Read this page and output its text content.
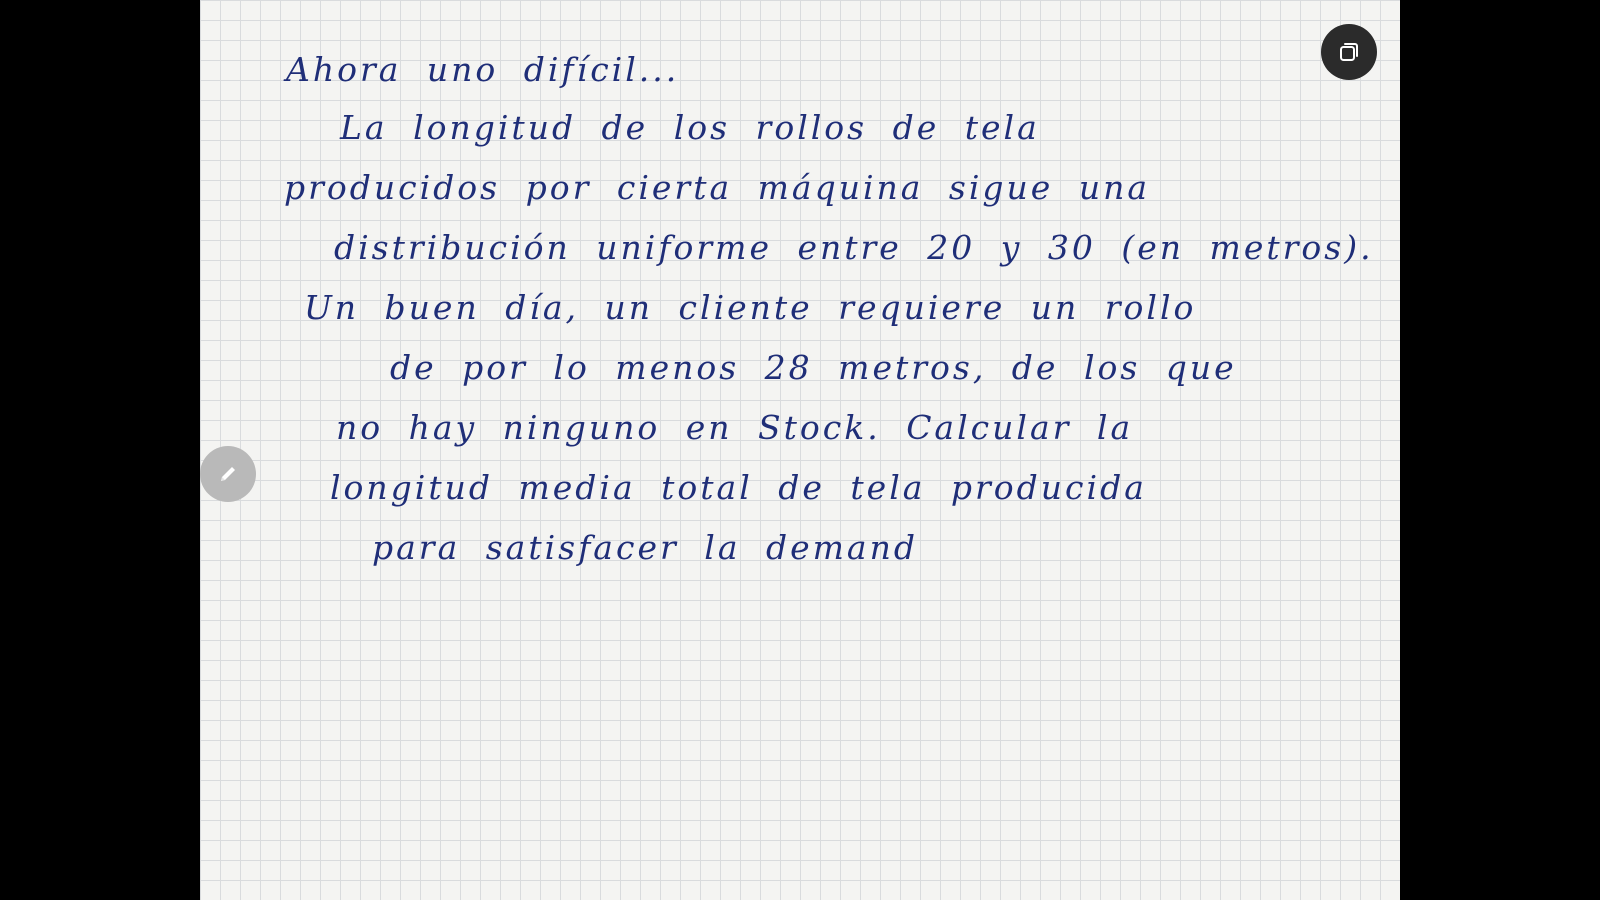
Ahora uno difícil...
La longitud de los rollos de tela
producidos por cierta máquina sigue una
distribución uniforme entre 20 y 30 (en metros).
Un buen día, un cliente requiere un rollo
de por lo menos 28 metros, de los que
no hay ninguno en Stock. Calcular la
longitud media total de tela producida
para satisfacer la demand
